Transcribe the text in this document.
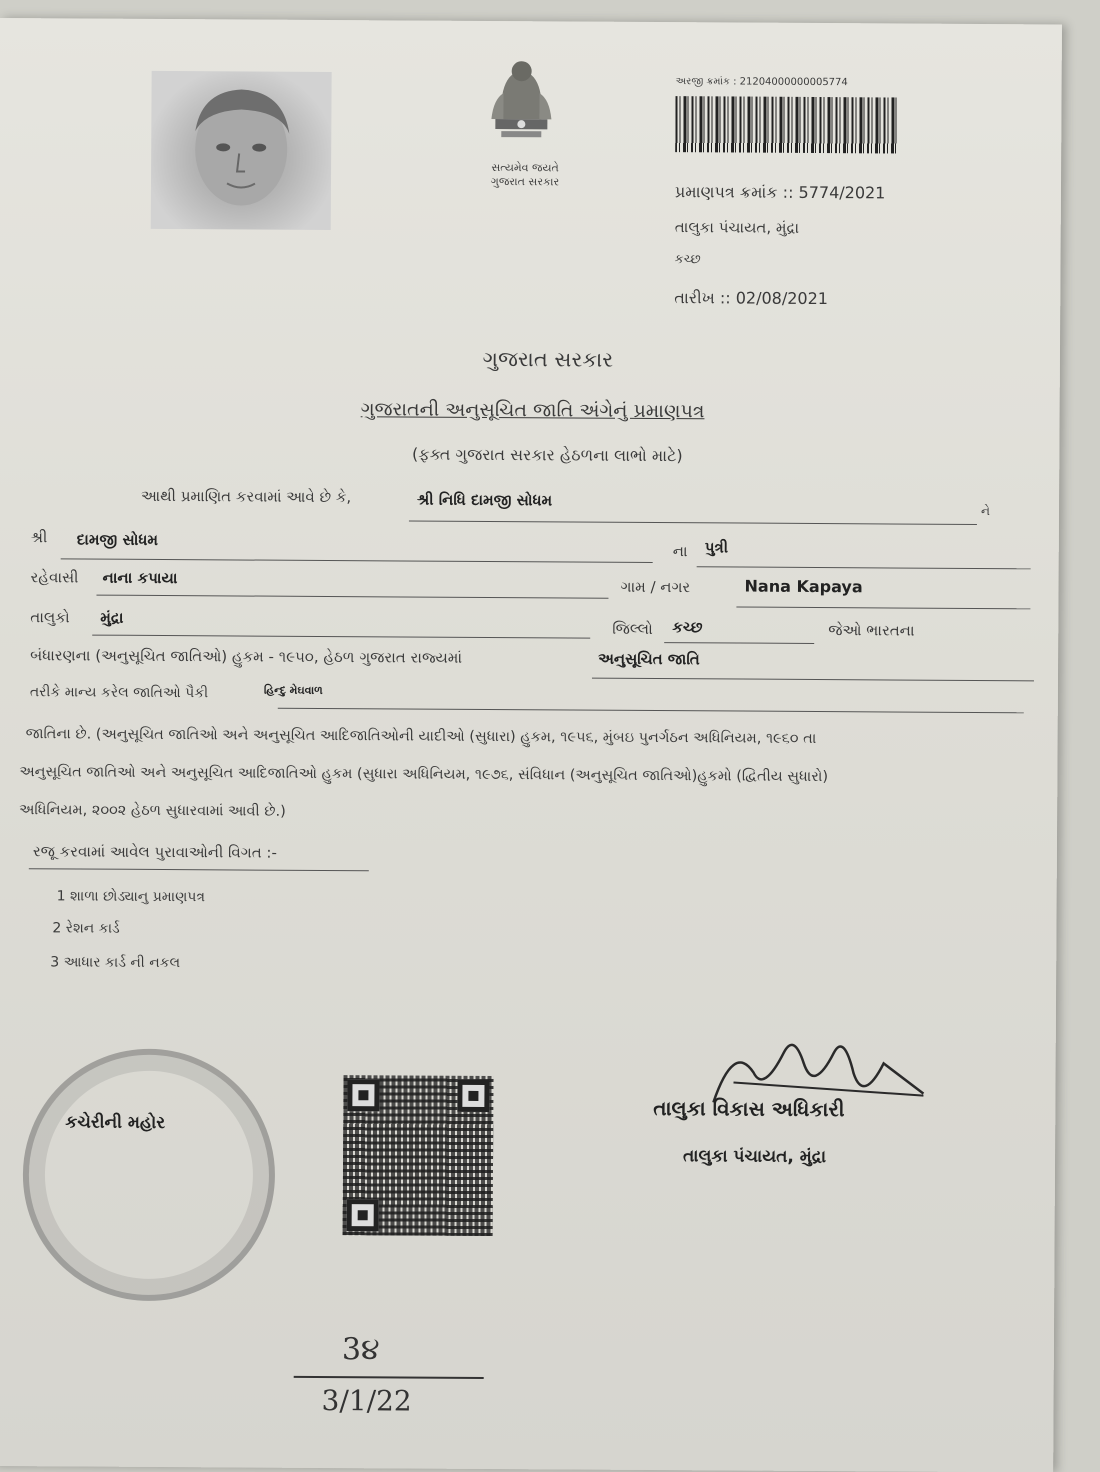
સત્યમેવ જયતે
ગુજરાત સરકાર
અરજી ક્રમાંક : 21204000000005774
પ્રમાણપત્ર ક્રમાંક :: 5774/2021
તાલુકા પંચાયત, મુંદ્રા
કચ્છ
તારીખ :: 02/08/2021
ગુજરાત સરકાર
ગુજરાતની અનુસૂચિત જાતિ અંગેનું પ્રમાણપત્ર
(ફક્ત ગુજરાત સરકાર હેઠળના લાભો માટે)
આથી પ્રમાણિત કરવામાં આવે છે કે,	શ્રી નિધિ દામજી સોધમ
ને
શ્રી દામજી સોધમ
ના પુત્રી
રહેવાસી નાના કપાયા	ગામ / નગર	Nana Kapaya
તાલુકો મુંદ્રા
જિલ્લો કચ્છ	જેઓ ભારતના
બંધારણના (અનુસૂચિત જાતિઓ) હુકમ - ૧૯૫૦, હેઠળ ગુજરાત રાજ્યમાં	અનુસૂચિત જાતિ
તરીકે માન્ય કરેલ જાતિઓ પૈકી	હિન્દુ મેઘવાળ
જાતિના છે. (અનુસૂચિત જાતિઓ અને અનુસૂચિત આદિજાતિઓની યાદીઓ (સુધારા) હુકમ, ૧૯૫૬, મુંબઇ પુનર્ગઠન અધિનિયમ, ૧૯૬૦ તા
અનુસૂચિત જાતિઓ અને અનુસૂચિત આદિજાતિઓ હુકમ (સુધારા અધિનિયમ, ૧૯૭૬, સંવિધાન (અનુસૂચિત જાતિઓ)હુકમો (દ્વિતીય સુધારો)
અધિનિયમ, ૨૦૦૨ હેઠળ સુધારવામાં આવી છે.)
રજૂ કરવામાં આવેલ પુરાવાઓની વિગત :-
1 શાળા છોડ્યાનુ પ્રમાણપત્ર
2 રેશન કાર્ડ
3 આધાર કાર્ડ ની નકલ
કચેરીની મહોર
તાલુકા વિકાસ અધિકારી
તાલુકા પંચાયત, મુંદ્રા
3૪
3/1/22
